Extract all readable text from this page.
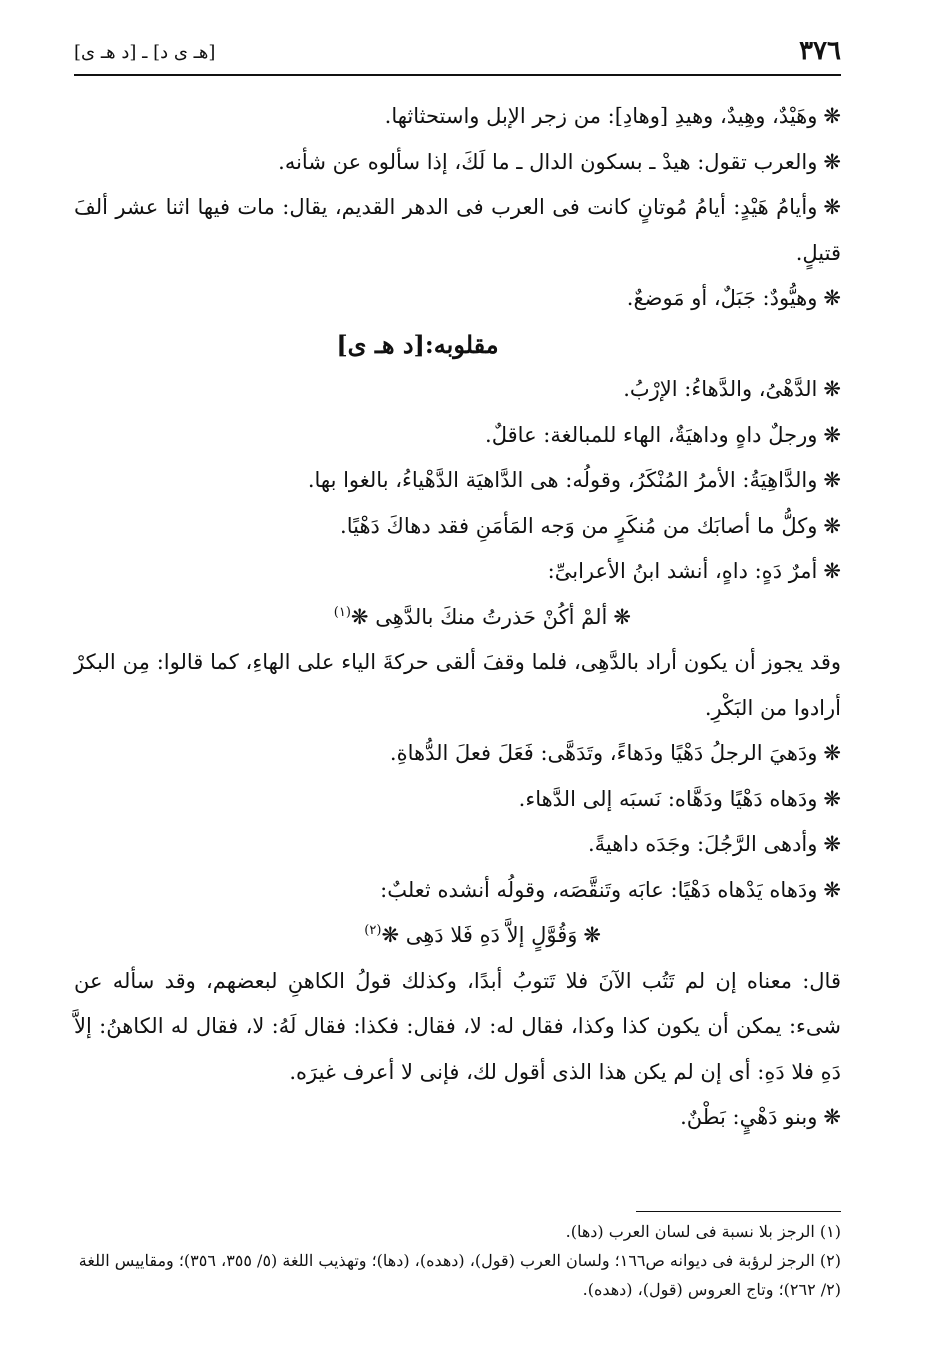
٣٧٦
[هـ ى د] ـ [د هـ ى]

❋وهَيْدٌ، وهِيدٌ، وهيدِ [وهادِ]: من زجر الإبل واستحثاثها.

❋والعرب تقول: هيدْ ـ بسكون الدال ـ ما لَكَ، إذا سألوه عن شأنه.

❋وأيامُ هَيْدٍ: أيامُ مُوتانٍ كانت فى العرب فى الدهر القديم، يقال: مات فيها اثنا عشر ألفَ قتيلٍ.

❋وهيُّودٌ: جَبَلٌ، أو مَوضعٌ.

مقلوبه:[د هـ ى]

❋الدَّهْىُ، والدَّهاءُ: الإرْبُ.

❋ورجلٌ داهٍ وداهيَةٌ، الهاء للمبالغة: عاقلٌ.

❋والدَّاهِيَةُ: الأمرُ المُنْكَرُ، وقولُه: هى الدَّاهيَة الدَّهْياءُ، بالغوا بها.

❋وكلُّ ما أصابَك من مُنكَرٍ من وَجه المَأمَنِ فقد دهاكَ دَهْيًا.

❋أمرٌ دَهٍ: داهٍ، أنشد ابنُ الأعرابىِّ:

❋ألمْ أكُنْ حَذرتُ منكَ بالدَّهِى ❋$^{(١)}$

وقد يجوز أن يكون أراد بالدَّهِى، فلما وقفَ ألقى حركةَ الياء على الهاءِ، كما قالوا: مِن البكرْ أرادوا من البَكْرِ.

❋ودَهيَ الرجلُ دَهْيًا ودَهاءً، وتَدَهَّى: فَعَلَ فعلَ الدُّهاةِ.

❋ودَهاه دَهْيًا ودَهَّاه: نَسبَه إلى الدَّهاء.

❋وأدهى الرَّجُلَ: وجَدَه داهيةً.

❋ودَهاه يَدْهاه دَهْيًا: عابَه وتَنقَّصَه، وقولُه أنشده ثعلبٌ:

❋وَقُوَّلٍ إلاَّ دَهِ فَلا دَهِى ❋$^{(٢)}$

قال: معناه إن لم تَتُب الآنَ فلا تَتوبُ أبدًا، وكذلك قولُ الكاهنِ لبعضهم، وقد سأله عن شىء: يمكن أن يكون كذا وكذا، فقال له: لا، فقال: فكذا: فقال لَهُ: لا، فقال له الكاهنُ: إلاَّ دَهِ فلا دَهِ: أى إن لم يكن هذا الذى أقول لك، فإنى لا أعرف غيرَه.

❋وبنو دَهْيٍ: بَطْنٌ.

(١) الرجز بلا نسبة فى لسان العرب (دها).

(٢) الرجز لرؤبة فى ديوانه ص١٦٦؛ ولسان العرب (قول)، (دهده)، (دها)؛ وتهذيب اللغة (٥/ ٣٥٥، ٣٥٦)؛ ومقاييس اللغة (٢/ ٢٦٢)؛ وتاج العروس (قول)، (دهده).
